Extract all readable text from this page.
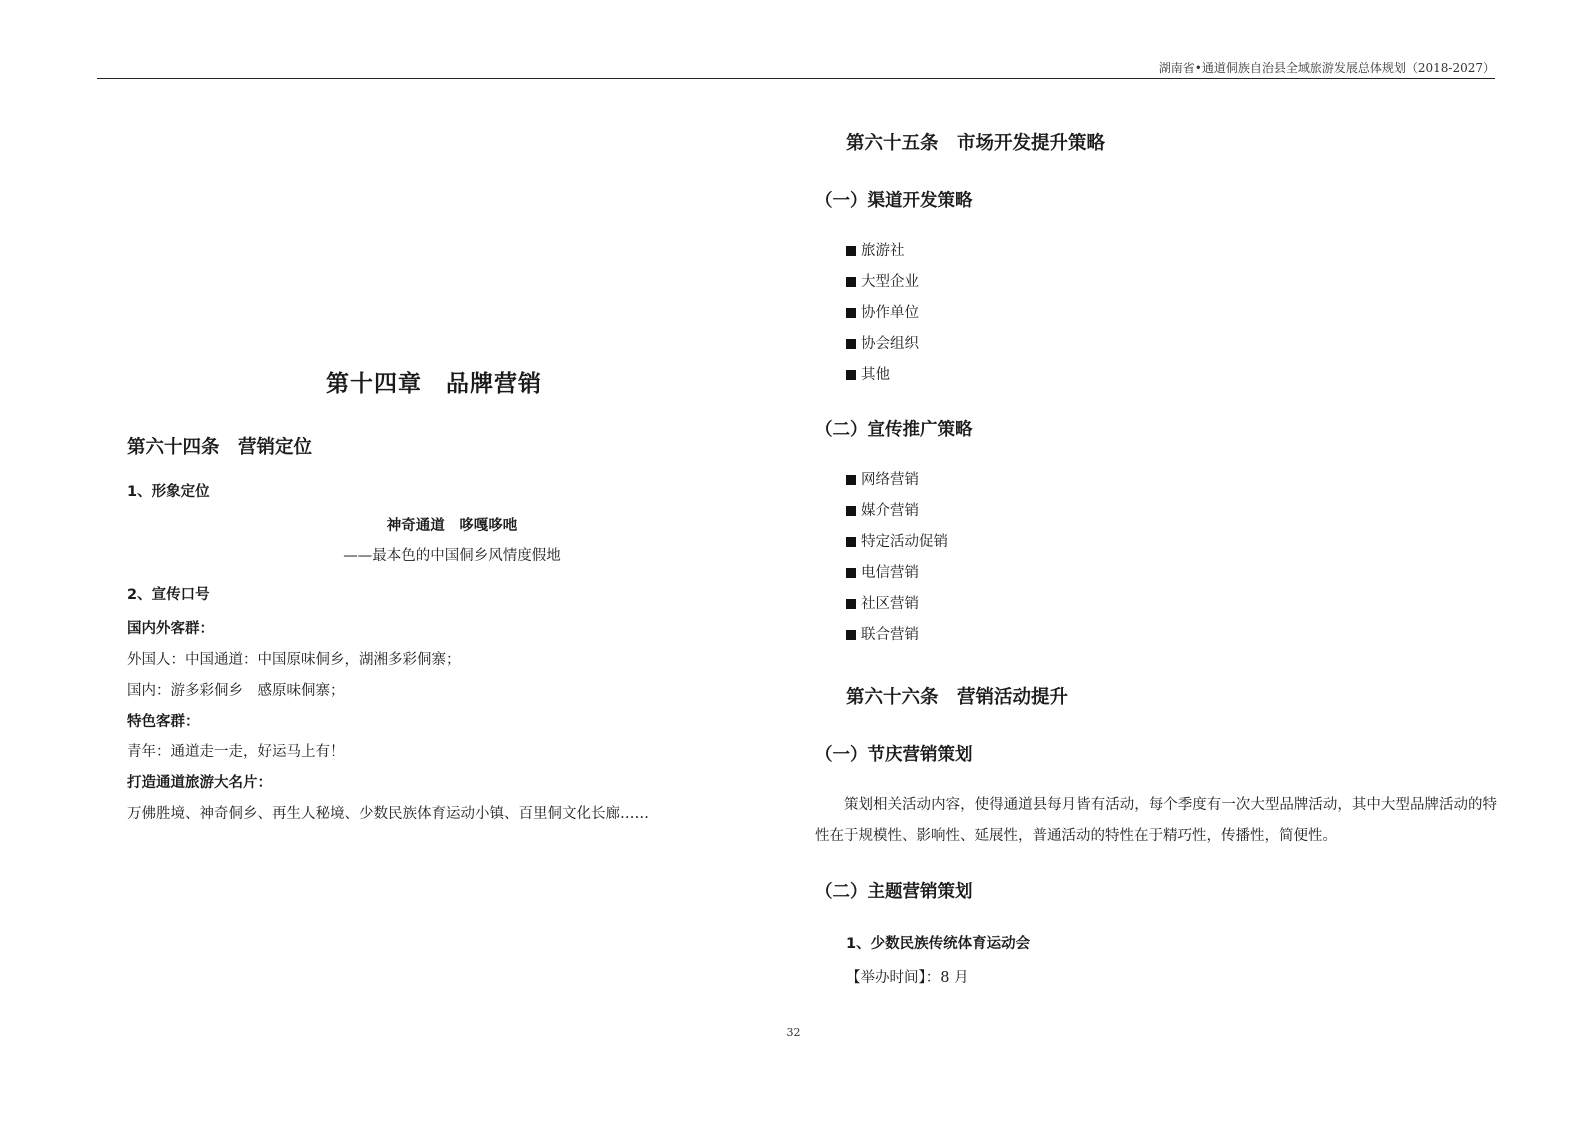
湖南省•通道侗族自治县全域旅游发展总体规划（2018-2027）
第十四章　品牌营销
第六十四条　营销定位
1、形象定位
神奇通道　哆嘎哆吔
——最本色的中国侗乡风情度假地
2、宣传口号
国内外客群：
外国人：中国通道：中国原味侗乡，湖湘多彩侗寨；
国内：游多彩侗乡　感原味侗寨；
特色客群：
青年：通道走一走，好运马上有！
打造通道旅游大名片：
万佛胜境、神奇侗乡、再生人秘境、少数民族体育运动小镇、百里侗文化长廊……
第六十五条　市场开发提升策略
（一）渠道开发策略
旅游社
大型企业
协作单位
协会组织
其他
（二）宣传推广策略
网络营销
媒介营销
特定活动促销
电信营销
社区营销
联合营销
第六十六条　营销活动提升
（一）节庆营销策划
策划相关活动内容，使得通道县每月皆有活动，每个季度有一次大型品牌活动，其中大型品牌活动的特性在于规模性、影响性、延展性，普通活动的特性在于精巧性，传播性，简便性。
（二）主题营销策划
1、少数民族传统体育运动会
【举办时间】：8 月
32
